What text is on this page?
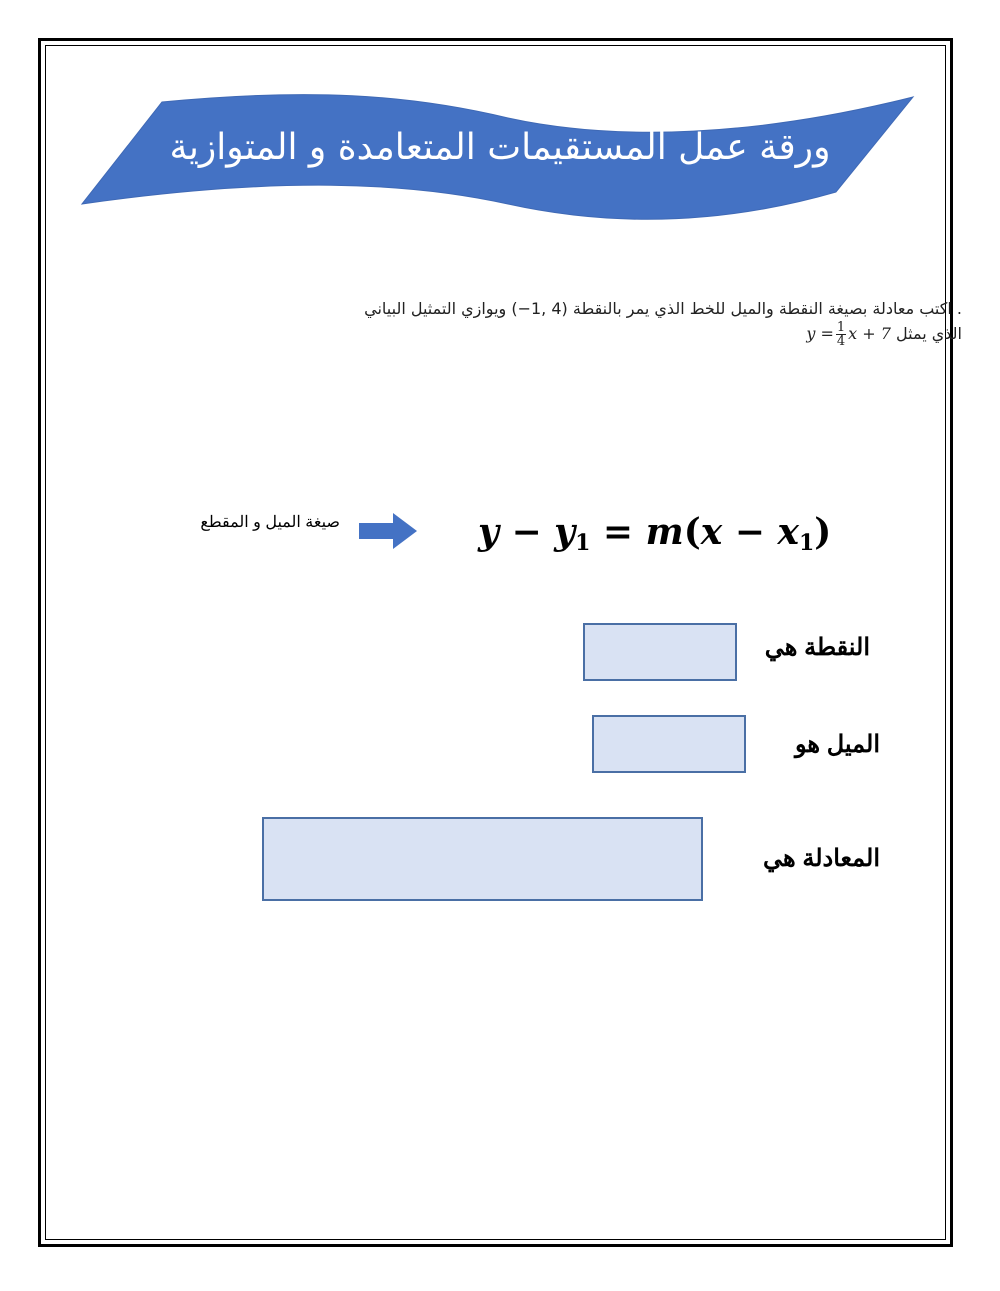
ورقة عمل المستقيمات المتعامدة و المتوازية
. اكتب معادلة بصيغة النقطة والميل للخط الذي يمر بالنقطة (4 ,1−) ويوازي التمثيل البياني
الذي يمثل $y = \frac{1}{4}$ x + 7
صيغة الميل و المقطع	$y - y_1 = m(x - x_1)$
النقطة هي
الميل هو
المعادلة هي
